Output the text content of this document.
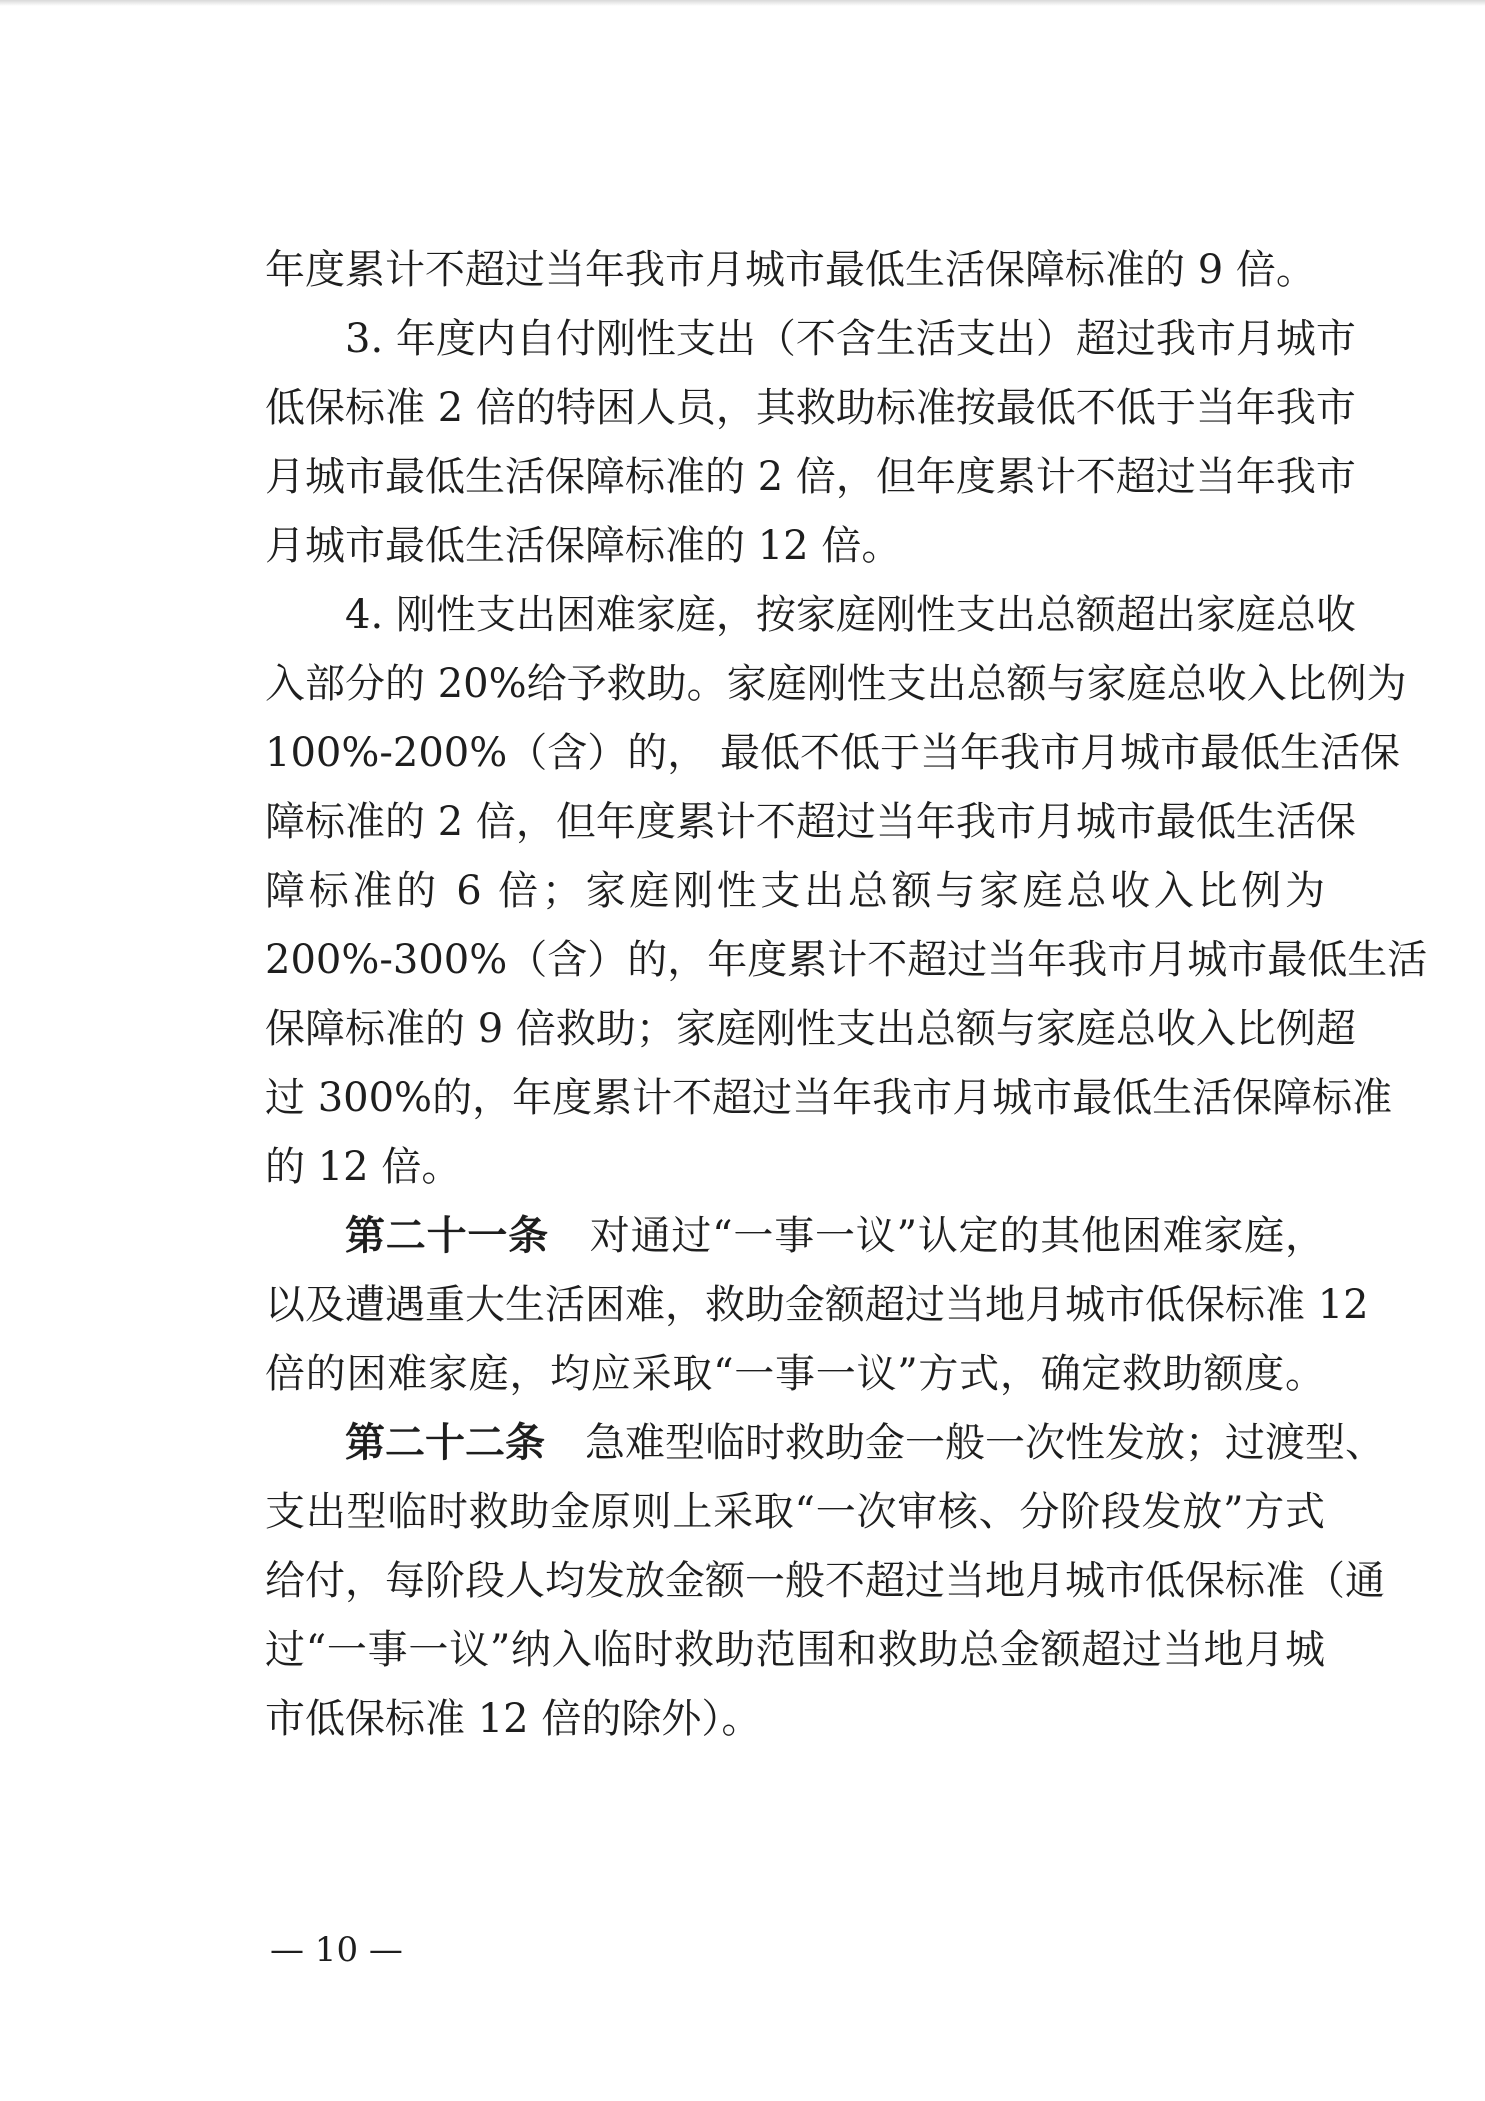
年度累计不超过当年我市月城市最低生活保障标准的 9 倍。
3. 年度内自付刚性支出（不含生活支出）超过我市月城市
低保标准 2 倍的特困人员，其救助标准按最低不低于当年我市
月城市最低生活保障标准的 2 倍，但年度累计不超过当年我市
月城市最低生活保障标准的 12 倍。
4. 刚性支出困难家庭，按家庭刚性支出总额超出家庭总收
入部分的 20%给予救助。家庭刚性支出总额与家庭总收入比例为
100%-200%（含）的， 最低不低于当年我市月城市最低生活保
障标准的 2 倍，但年度累计不超过当年我市月城市最低生活保
障标准的 6 倍；家庭刚性支出总额与家庭总收入比例为
200%-300%（含）的，年度累计不超过当年我市月城市最低生活
保障标准的 9 倍救助；家庭刚性支出总额与家庭总收入比例超
过 300%的，年度累计不超过当年我市月城市最低生活保障标准
的 12 倍。
第二十一条　 对通过“一事一议”认定的其他困难家庭，
以及遭遇重大生活困难，救助金额超过当地月城市低保标准 12
倍的困难家庭，均应采取“一事一议”方式，确定救助额度。
第二十二条　 急难型临时救助金一般一次性发放；过渡型、
支出型临时救助金原则上采取“一次审核、分阶段发放”方式
给付，每阶段人均发放金额一般不超过当地月城市低保标准（通
过“一事一议”纳入临时救助范围和救助总金额超过当地月城
市低保标准 12 倍的除外）。
— 10 —
